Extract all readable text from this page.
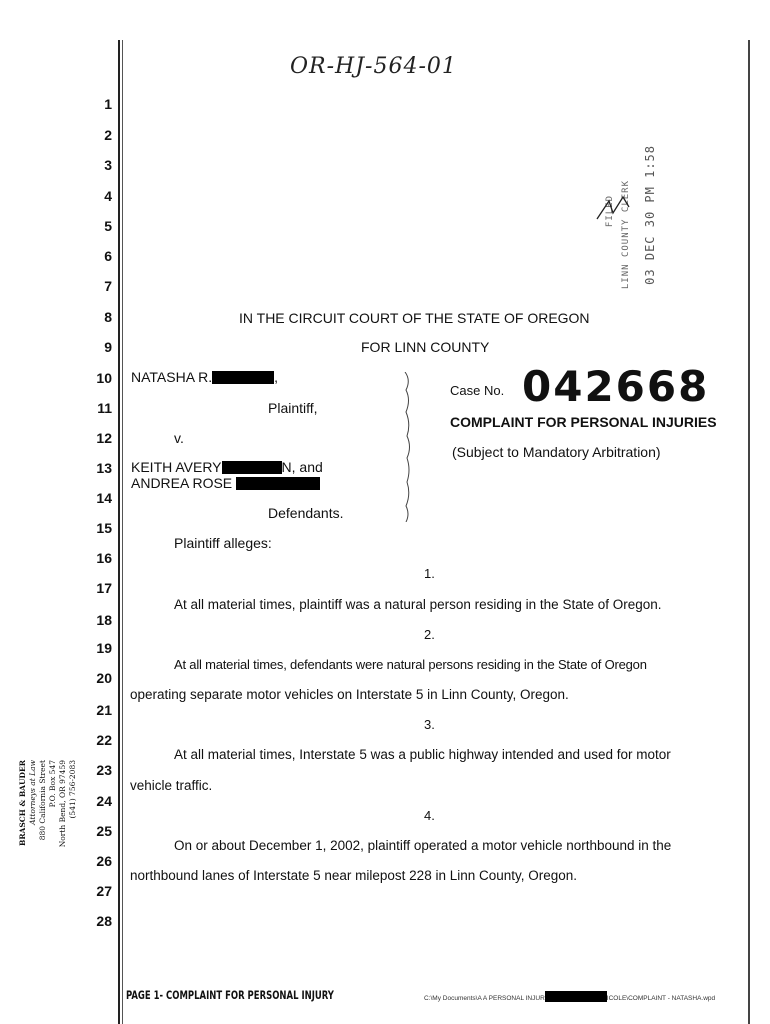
OR-HJ-564-01
FILED LINN COUNTY CLERK 03 DEC 30 PM 1:58
1
2
3
4
5
6
7
8
9
10
11
12
13
14
15
16
17
18
19
20
21
22
23
24
25
26
27
28
IN THE CIRCUIT COURT OF THE STATE OF OREGON
FOR LINN COUNTY
NATASHA R.	,
Plaintiff,
v.
KEITH AVERY	N, and
ANDREA ROSE
Defendants.
Case No. 042668
COMPLAINT FOR PERSONAL INJURIES
(Subject to Mandatory Arbitration)
Plaintiff alleges:
1.
At all material times, plaintiff was a natural person residing in the State of Oregon.
2.
At all material times, defendants were natural persons residing in the State of Oregon
operating separate motor vehicles on Interstate 5 in Linn County, Oregon.
3.
At all material times, Interstate 5 was a public highway intended and used for motor
vehicle traffic.
4.
On or about December 1, 2002, plaintiff operated a motor vehicle northbound in the
northbound lanes of Interstate 5 near milepost 228 in Linn County, Oregon.
BRASCH & BAUDER Attorneys at Law 880 California Street P.O. Box 547 North Bend, OR 97459 (541) 756-2083
PAGE 1- COMPLAINT FOR PERSONAL INJURY	C:\My Documents\A A PERSONAL INJUR	ICOLE\COMPLAINT - NATASHA.wpd
